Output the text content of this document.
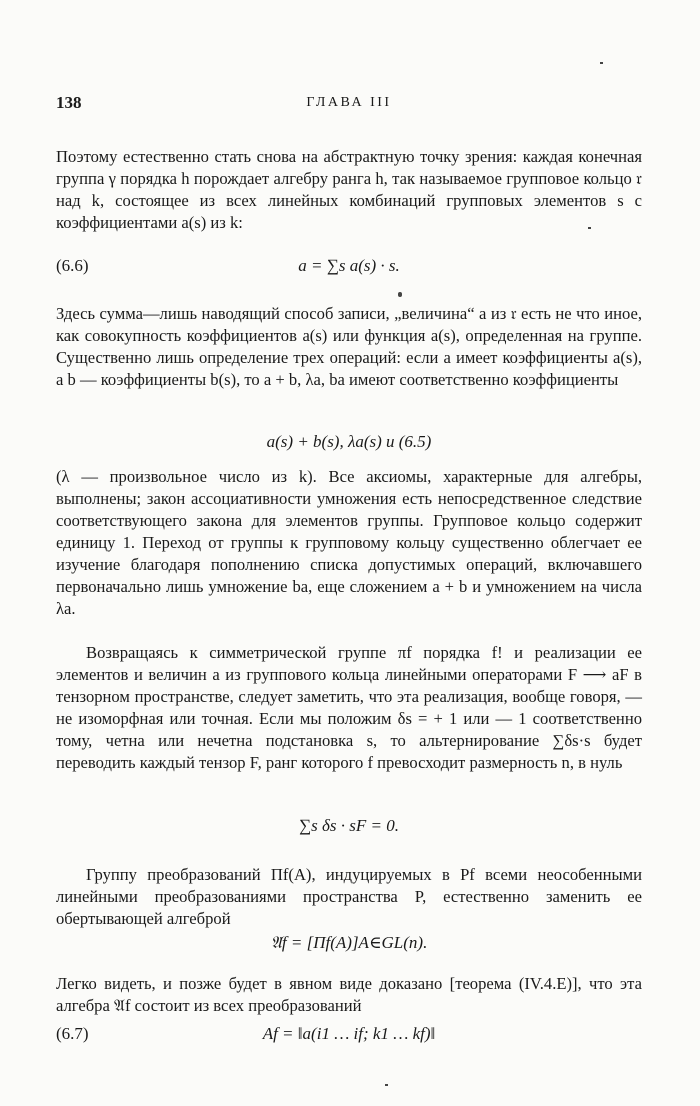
138	ГЛАВА III
Поэтому естественно стать снова на абстрактную точку зрения: каждая конечная группа γ порядка h порождает алгебру ранга h, так называемое групповое кольцо 𝔯 над k, состоящее из всех линейных комбинаций групповых элементов s с коэффициентами a(s) из k:
(6.6)	a = ∑s a(s) · s.
Здесь сумма—лишь наводящий способ записи, „величина“ a из 𝔯 есть не что иное, как совокупность коэффициентов a(s) или функция a(s), определенная на группе. Существенно лишь определение трех операций: если a имеет коэффициенты a(s), a b — коэффициенты b(s), то a + b, λa, ba имеют соответственно коэффициенты
a(s) + b(s), λa(s) и (6.5)
(λ — произвольное число из k). Все аксиомы, характерные для алгебры, выполнены; закон ассоциативности умножения есть непосредственное следствие соответствующего закона для элементов группы. Групповое кольцо содержит единицу 1. Переход от группы к групповому кольцу существенно облегчает ее изучение благодаря пополнению списка допустимых операций, включавшего первоначально лишь умножение ba, еще сложением a + b и умножением на числа λa.
Возвращаясь к симметрической группе πf порядка f! и реализации ее элементов и величин a из группового кольца линейными операторами F ⟶ aF в тензорном пространстве, следует заметить, что эта реализация, вообще говоря, — не изоморфная или точная. Если мы положим δs = + 1 или — 1 соответственно тому, четна или нечетна подстановка s, то альтернирование ∑δs·s будет переводить каждый тензор F, ранг которого f превосходит размерность n, в нуль
∑s δs · sF = 0.
Группу преобразований Πf(A), индуцируемых в Pf всеми неособенными линейными преобразованиями пространства P, естественно заменить ее обертывающей алгеброй
𝔄f = [Πf(A)]A∈GL(n).
Легко видеть, и позже будет в явном виде доказано [теорема (IV.4.E)], что эта алгебра 𝔄f состоит из всех преобразований
(6.7)	Af = ‖a(i1 … if; k1 … kf)‖
